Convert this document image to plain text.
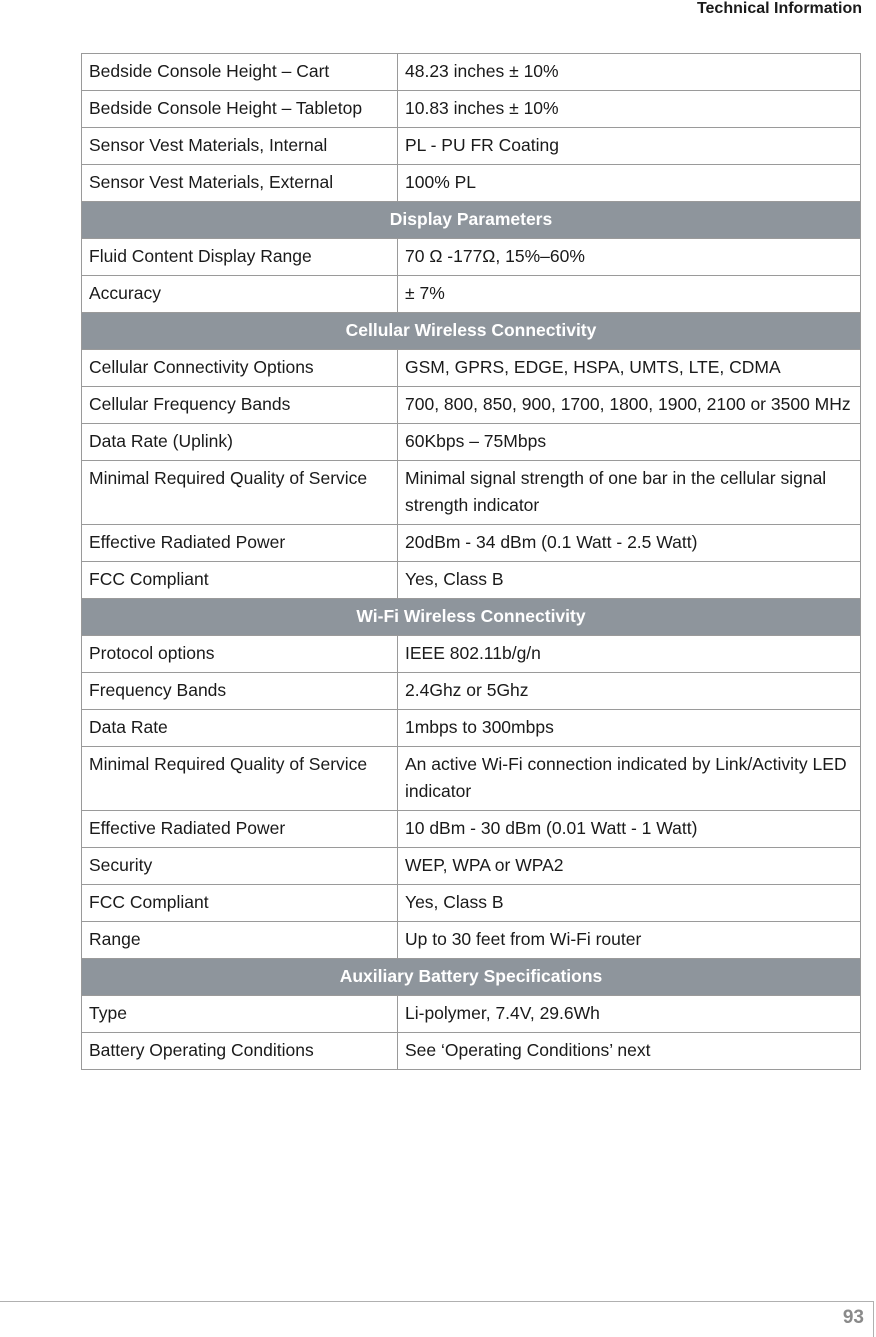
Technical Information
Bedside Console Height – Cart	48.23 inches ± 10%
Bedside Console Height – Tabletop	10.83 inches ± 10%
Sensor Vest Materials, Internal	PL - PU FR Coating
Sensor Vest Materials, External	100% PL
Display Parameters	
Fluid Content Display Range	70 Ω -177Ω, 15%–60%
Accuracy	± 7%
Cellular Wireless Connectivity	
Cellular Connectivity Options	GSM, GPRS, EDGE, HSPA, UMTS, LTE, CDMA
Cellular Frequency Bands	700, 800, 850, 900, 1700, 1800, 1900, 2100 or 3500 MHz
Data Rate (Uplink)	60Kbps – 75Mbps
Minimal Required Quality of Service	Minimal signal strength of one bar in the cellular signal strength indicator
Effective Radiated Power	20dBm - 34 dBm (0.1 Watt - 2.5 Watt)
FCC Compliant	Yes, Class B
Wi-Fi Wireless Connectivity	
Protocol options	IEEE 802.11b/g/n
Frequency Bands	2.4Ghz or 5Ghz
Data Rate	1mbps to 300mbps
Minimal Required Quality of Service	An active Wi-Fi connection indicated by Link/Activity LED indicator
Effective Radiated Power	10 dBm - 30 dBm (0.01 Watt - 1 Watt)
Security	WEP, WPA or WPA2
FCC Compliant	Yes, Class B
Range	Up to 30 feet from Wi-Fi router
Auxiliary Battery Specifications	
Type	Li-polymer, 7.4V, 29.6Wh
Battery Operating Conditions	See ‘Operating Conditions’ next
93
